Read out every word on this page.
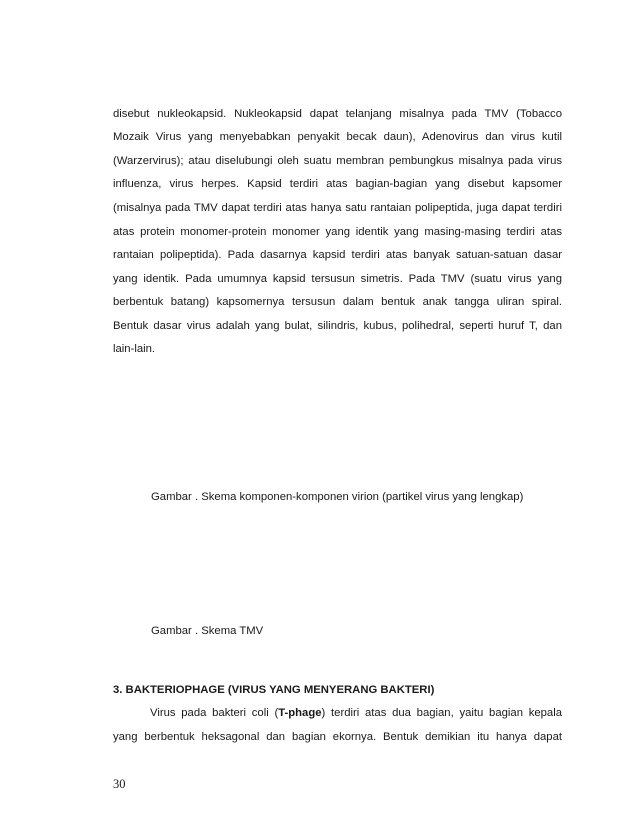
disebut nukleokapsid. Nukleokapsid dapat telanjang misalnya pada TMV (Tobacco
Mozaik Virus yang menyebabkan penyakit becak daun), Adenovirus dan virus kutil
(Warzervirus); atau diselubungi oleh suatu membran pembungkus misalnya pada virus
influenza, virus herpes. Kapsid terdiri atas bagian-bagian yang disebut kapsomer
(misalnya pada TMV dapat terdiri atas hanya satu rantaian polipeptida, juga dapat terdiri
atas protein monomer-protein monomer yang identik yang masing-masing terdiri atas
rantaian polipeptida). Pada dasarnya kapsid terdiri atas banyak satuan-satuan dasar
yang identik. Pada umumnya kapsid tersusun simetris. Pada TMV (suatu virus yang
berbentuk batang) kapsomernya tersusun dalam bentuk anak tangga uliran spiral.
Bentuk dasar virus adalah yang bulat, silindris, kubus, polihedral, seperti huruf T, dan
lain-lain.
Gambar . Skema komponen-komponen virion (partikel virus yang lengkap)
Gambar . Skema TMV
3. BAKTERIOPHAGE (VIRUS YANG MENYERANG BAKTERI)
Virus pada bakteri coli (T-phage) terdiri atas dua bagian, yaitu bagian kepala
yang berbentuk heksagonal dan bagian ekornya. Bentuk demikian itu hanya dapat
30
